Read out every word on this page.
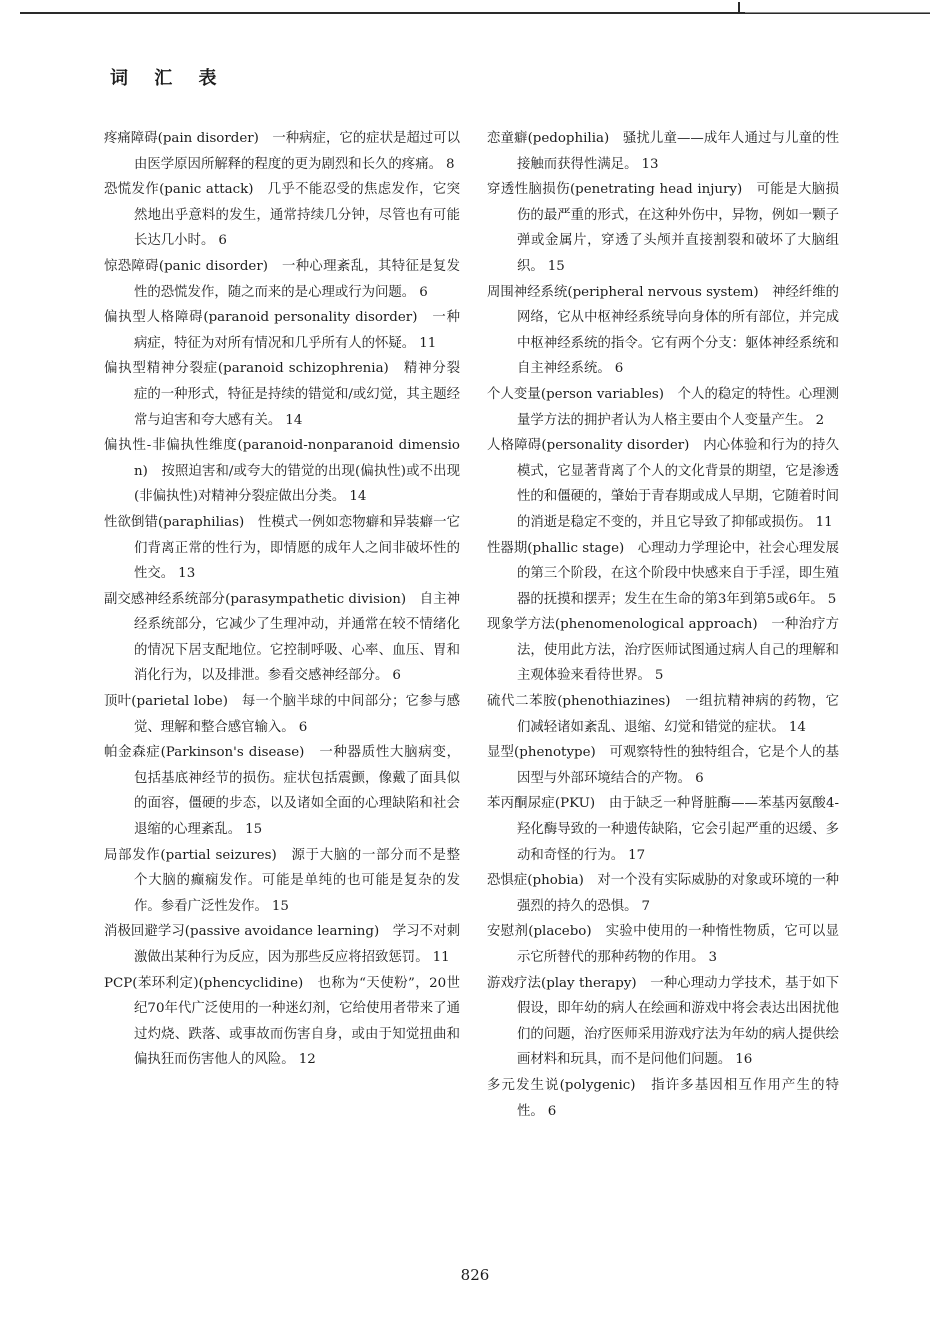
词 汇 表

疼痛障碍(pain disorder)　 一种病症，它的症状是超过可以由医学原因所解释的程度的更为剧烈和长久的疼痛。 8

恐慌发作(panic attack)　 几乎不能忍受的焦虑发作，它突然地出乎意料的发生，通常持续几分钟，尽管也有可能长达几小时。 6

惊恐障碍(panic disorder)　 一种心理紊乱，其特征是复发性的恐慌发作，随之而来的是心理或行为问题。 6

偏执型人格障碍(paranoid personality disorder)　 一种病症，特征为对所有情况和几乎所有人的怀疑。 11

偏执型精神分裂症(paranoid schizophrenia)　 精神分裂症的一种形式，特征是持续的错觉和/或幻觉，其主题经常与迫害和夸大感有关。 14

偏执性-非偏执性维度(paranoid-nonparanoid dimension)　 按照迫害和/或夸大的错觉的出现(偏执性)或不出现(非偏执性)对精神分裂症做出分类。 14

性欲倒错(paraphilias)　 性模式一例如恋物癖和异装癖一它们背离正常的性行为，即情愿的成年人之间非破坏性的性交。 13

副交感神经系统部分(parasympathetic division)　 自主神经系统部分，它减少了生理冲动，并通常在较不情绪化的情况下居支配地位。它控制呼吸、心率、血压、胃和消化行为，以及排泄。参看交感神经部分。 6

顶叶(parietal lobe)　 每一个脑半球的中间部分；它参与感觉、理解和整合感官输入。 6

帕金森症(Parkinson's disease)　 一种器质性大脑病变，包括基底神经节的损伤。症状包括震颤，像戴了面具似的面容，僵硬的步态，以及诸如全面的心理缺陷和社会退缩的心理紊乱。 15

局部发作(partial seizures)　 源于大脑的一部分而不是整个大脑的癫痫发作。可能是单纯的也可能是复杂的发作。参看广泛性发作。 15

消极回避学习(passive avoidance learning)　 学习不对刺激做出某种行为反应，因为那些反应将招致惩罚。 11

PCP(苯环利定)(phencyclidine)　 也称为“天使粉”，20世纪70年代广泛使用的一种迷幻剂，它给使用者带来了通过灼烧、跌落、或事故而伤害自身，或由于知觉扭曲和偏执狂而伤害他人的风险。 12

恋童癖(pedophilia)　 骚扰儿童——成年人通过与儿童的性接触而获得性满足。 13

穿透性脑损伤(penetrating head injury)　 可能是大脑损伤的最严重的形式，在这种外伤中，异物，例如一颗子弹或金属片，穿透了头颅并直接割裂和破坏了大脑组织。 15

周围神经系统(peripheral nervous system)　 神经纤维的网络，它从中枢神经系统导向身体的所有部位，并完成中枢神经系统的指令。它有两个分支：躯体神经系统和自主神经系统。 6

个人变量(person variables)　 个人的稳定的特性。心理测量学方法的拥护者认为人格主要由个人变量产生。 2

人格障碍(personality disorder)　 内心体验和行为的持久模式，它显著背离了个人的文化背景的期望，它是渗透性的和僵硬的，肇始于青春期或成人早期，它随着时间的消逝是稳定不变的，并且它导致了抑郁或损伤。 11

性器期(phallic stage)　 心理动力学理论中，社会心理发展的第三个阶段，在这个阶段中快感来自于手淫，即生殖器的抚摸和摆弄；发生在生命的第3年到第5或6年。 5

现象学方法(phenomenological approach)　 一种治疗方法，使用此方法，治疗医师试图通过病人自己的理解和主观体验来看待世界。 5

硫代二苯胺(phenothiazines)　 一组抗精神病的药物，它们减轻诸如紊乱、退缩、幻觉和错觉的症状。 14

显型(phenotype)　 可观察特性的独特组合，它是个人的基因型与外部环境结合的产物。 6

苯丙酮尿症(PKU)　 由于缺乏一种肾脏酶——苯基丙氨酸4-羟化酶导致的一种遗传缺陷，它会引起严重的迟缓、多动和奇怪的行为。 17

恐惧症(phobia)　 对一个没有实际威胁的对象或环境的一种强烈的持久的恐惧。 7

安慰剂(placebo)　 实验中使用的一种惰性物质，它可以显示它所替代的那种药物的作用。 3

游戏疗法(play therapy)　 一种心理动力学技术，基于如下假设，即年幼的病人在绘画和游戏中将会表达出困扰他们的问题，治疗医师采用游戏疗法为年幼的病人提供绘画材料和玩具，而不是问他们问题。 16

多元发生说(polygenic)　 指许多基因相互作用产生的特性。 6

826
